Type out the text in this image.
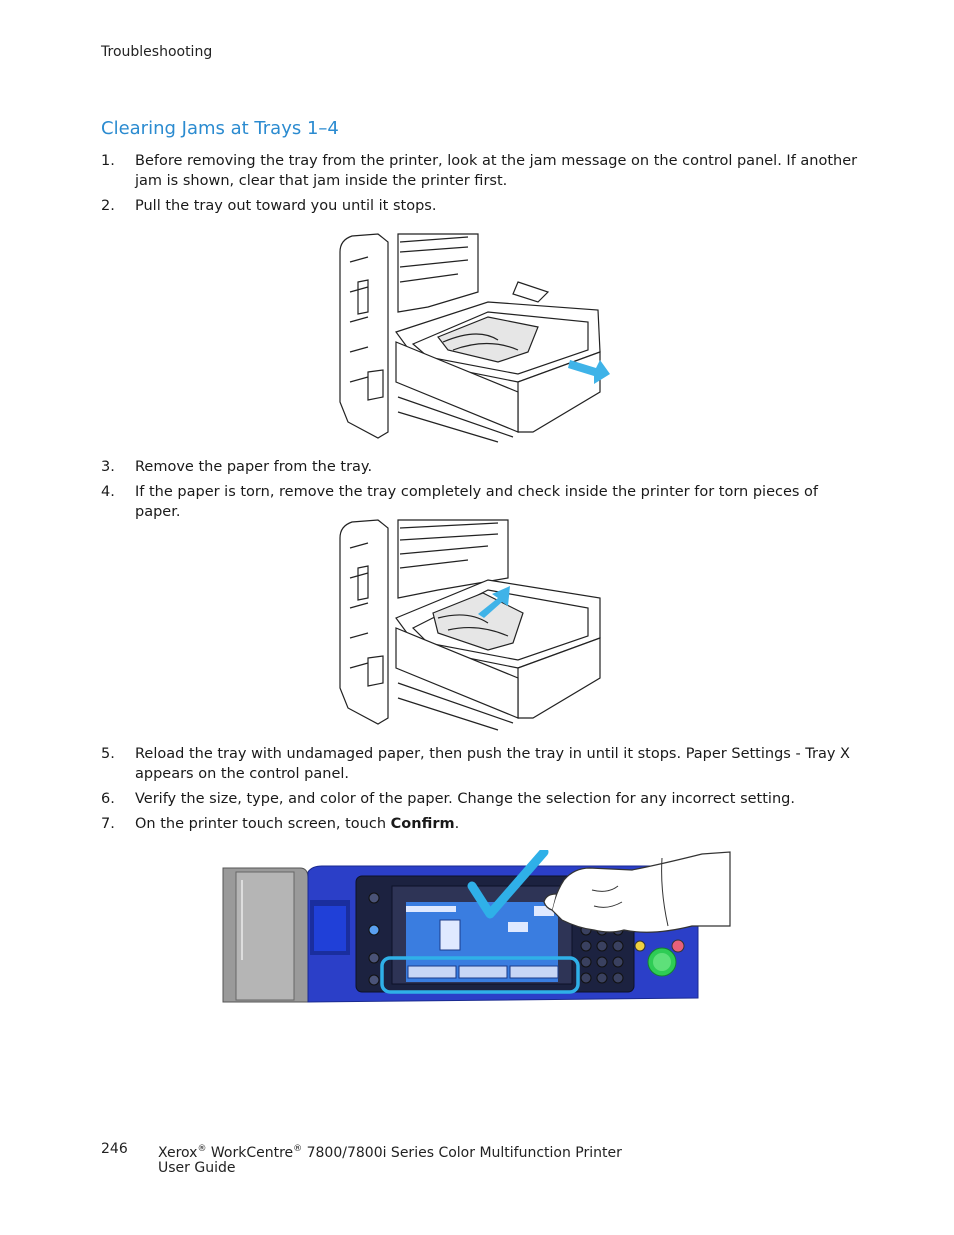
Troubleshooting
Clearing Jams at Trays 1–4
1. Before removing the tray from the printer, look at the jam message on the control panel. If another jam is shown, clear that jam inside the printer first.
2. Pull the tray out toward you until it stops.
3. Remove the paper from the tray.
4. If the paper is torn, remove the tray completely and check inside the printer for torn pieces of paper.
5. Reload the tray with undamaged paper, then push the tray in until it stops. Paper Settings - Tray X appears on the control panel.
6. Verify the size, type, and color of the paper. Change the selection for any incorrect setting.
7. On the printer touch screen, touch Confirm.
246 Xerox® WorkCentre® 7800/7800i Series Color Multifunction Printer
User Guide
